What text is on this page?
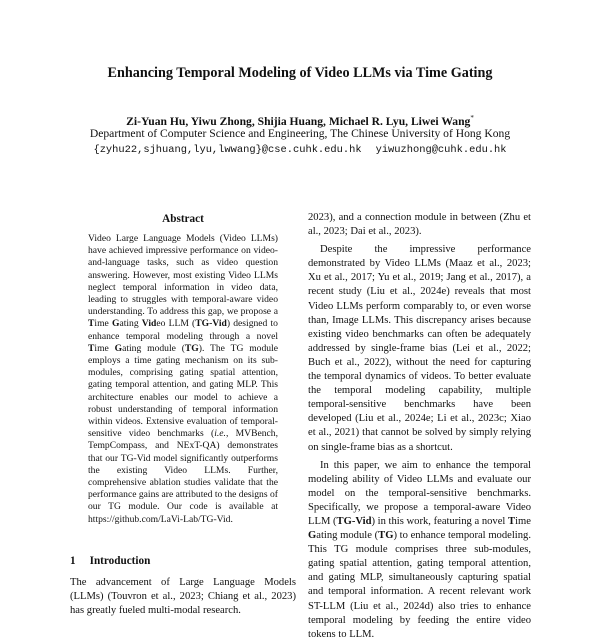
Enhancing Temporal Modeling of Video LLMs via Time Gating
Zi-Yuan Hu, Yiwu Zhong, Shijia Huang, Michael R. Lyu, Liwei Wang*
Department of Computer Science and Engineering, The Chinese University of Hong Kong
{zyhu22,sjhuang,lyu,lwwang}@cse.cuhk.edu.hk yiwuzhong@cuhk.edu.hk
Abstract
Video Large Language Models (Video LLMs) have achieved impressive performance on video-and-language tasks, such as video question answering. However, most existing Video LLMs neglect temporal information in video data, leading to struggles with temporal-aware video understanding. To address this gap, we propose a Time Gating Video LLM (TG-Vid) designed to enhance temporal modeling through a novel Time Gating module (TG). The TG module employs a time gating mechanism on its sub-modules, comprising gating spatial attention, gating temporal attention, and gating MLP. This architecture enables our model to achieve a robust understanding of temporal information within videos. Extensive evaluation of temporal-sensitive video benchmarks (i.e., MVBench, TempCompass, and NExT-QA) demonstrates that our TG-Vid model significantly outperforms the existing Video LLMs. Further, comprehensive ablation studies validate that the performance gains are attributed to the designs of our TG module. Our code is available at https://github.com/LaVi-Lab/TG-Vid.
1 Introduction
The advancement of Large Language Models (LLMs) (Touvron et al., 2023; Chiang et al., 2023) has greatly fueled multi-modal research.

2023), and a connection module in between (Zhu et al., 2023; Dai et al., 2023).

Despite the impressive performance demonstrated by Video LLMs (Maaz et al., 2023; Xu et al., 2017; Yu et al., 2019; Jang et al., 2017), a recent study (Liu et al., 2024e) reveals that most Video LLMs perform comparably to, or even worse than, Image LLMs. This discrepancy arises because existing video benchmarks can often be adequately addressed by single-frame bias (Lei et al., 2022; Buch et al., 2022), without the need for capturing the temporal dynamics of videos. To better evaluate the temporal modeling capability, multiple temporal-sensitive benchmarks have been developed (Liu et al., 2024e; Li et al., 2023c; Xiao et al., 2021) that cannot be solved by simply relying on single-frame bias as a shortcut.

In this paper, we aim to enhance the temporal modeling ability of Video LLMs and evaluate our model on the temporal-sensitive benchmarks. Specifically, we propose a temporal-aware Video LLM (TG-Vid) in this work, featuring a novel Time Gating module (TG) to enhance temporal modeling. This TG module comprises three sub-modules, gating spatial attention, gating temporal attention, and gating MLP, simultaneously capturing spatial and temporal information. A recent relevant work ST-LLM (Liu et al., 2024d) also tries to enhance temporal modeling by feeding the entire video tokens to LLM.
